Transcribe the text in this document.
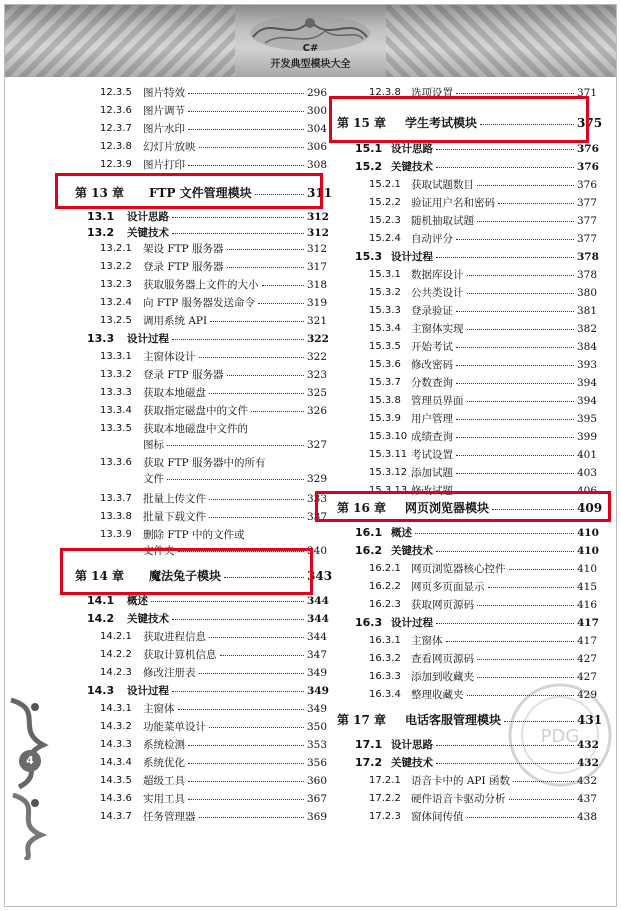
C#
开发典型模块大全
4
PDG
12.3.5 图片特效	296
12.3.6 图片调节	300
12.3.7 图片水印	304
12.3.8 幻灯片放映	306
12.3.9 图片打印	308
第 13 章 FTP 文件管理模块	311
13.1 设计思路	312
13.2 关键技术	312
13.2.1 架设 FTP 服务器	312
13.2.2 登录 FTP 服务器	317
13.2.3 获取服务器上文件的大小	318
13.2.4 向 FTP 服务器发送命令	319
13.2.5 调用系统 API	321
13.3 设计过程	322
13.3.1 主窗体设计	322
13.3.2 登录 FTP 服务器	323
13.3.3 获取本地磁盘	325
13.3.4 获取指定磁盘中的文件	326
13.3.5 获取本地磁盘中文件的
图标	327
13.3.6 获取 FTP 服务器中的所有
文件	329
13.3.7 批量上传文件	333
13.3.8 批量下载文件	337
13.3.9 删除 FTP 中的文件或
文件夹	340
第 14 章 魔法兔子模块	343
14.1 概述	344
14.2 关键技术	344
14.2.1 获取进程信息	344
14.2.2 获取计算机信息	347
14.2.3 修改注册表	349
14.3 设计过程	349
14.3.1 主窗体	349
14.3.2 功能菜单设计	350
14.3.3 系统检测	353
14.3.4 系统优化	356
14.3.5 超级工具	360
14.3.6 实用工具	367
14.3.7 任务管理器	369
12.3.8 选项设置	371
第 15 章 学生考试模块	375
15.1 设计思路	376
15.2 关键技术	376
15.2.1 获取试题数目	376
15.2.2 验证用户名和密码	377
15.2.3 随机抽取试题	377
15.2.4 自动评分	377
15.3 设计过程	378
15.3.1 数据库设计	378
15.3.2 公共类设计	380
15.3.3 登录验证	381
15.3.4 主窗体实现	382
15.3.5 开始考试	384
15.3.6 修改密码	393
15.3.7 分数查询	394
15.3.8 管理员界面	394
15.3.9 用户管理	395
15.3.10 成绩查询	399
15.3.11 考试设置	401
15.3.12 添加试题	403
15.3.13 修改试题	406
第 16 章 网页浏览器模块	409
16.1 概述	410
16.2 关键技术	410
16.2.1 网页浏览器核心控件	410
16.2.2 网页多页面显示	415
16.2.3 获取网页源码	416
16.3 设计过程	417
16.3.1 主窗体	417
16.3.2 查看网页源码	427
16.3.3 添加到收藏夹	427
16.3.4 整理收藏夹	429
第 17 章 电话客服管理模块	431
17.1 设计思路	432
17.2 关键技术	432
17.2.1 语音卡中的 API 函数	432
17.2.2 硬件语音卡驱动分析	437
17.2.3 窗体间传值	438
